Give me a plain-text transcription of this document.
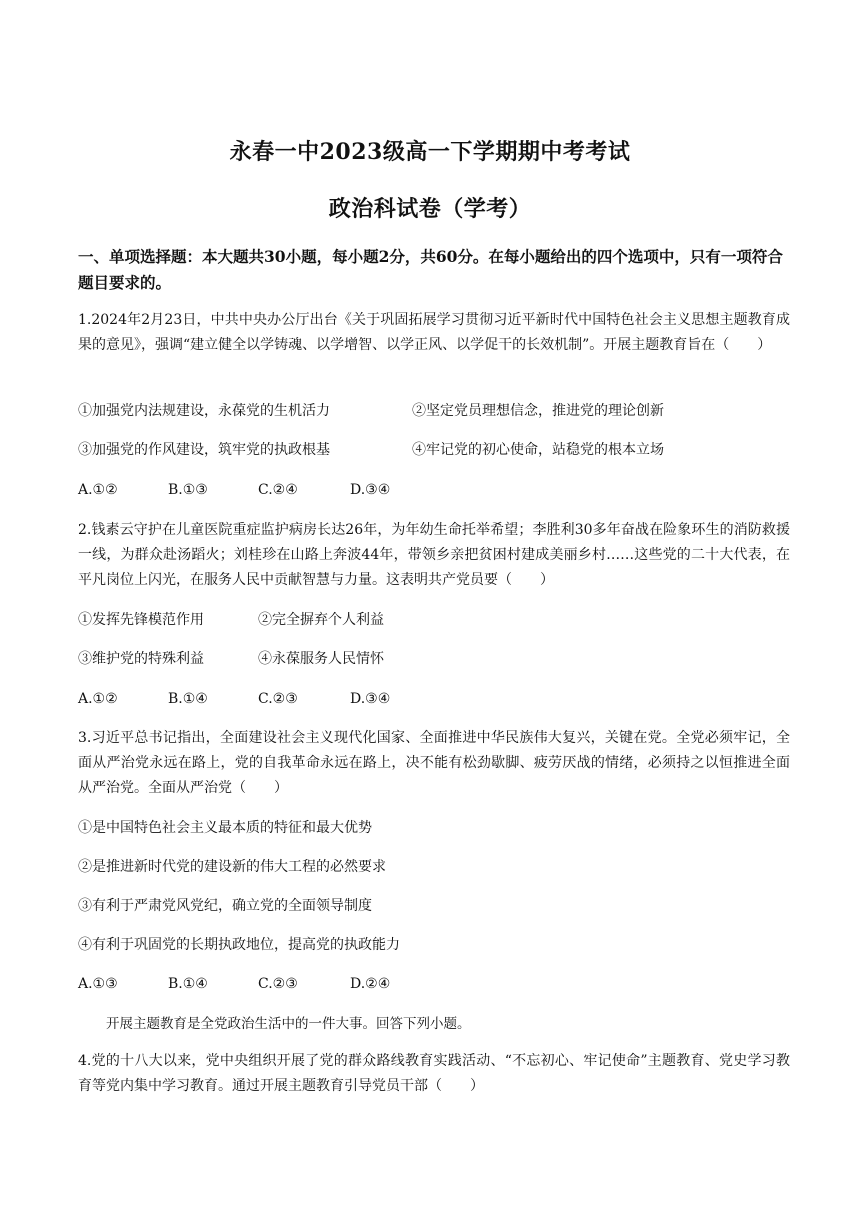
永春一中2023级高一下学期期中考考试
政治科试卷（学考）
一、单项选择题：本大题共30小题，每小题2分，共60分。在每小题给出的四个选项中，只有一项符合题目要求的。
1.2024年2月23日，中共中央办公厅出台《关于巩固拓展学习贯彻习近平新时代中国特色社会主义思想主题教育成果的意见》，强调“建立健全以学铸魂、以学增智、以学正风、以学促干的长效机制”。开展主题教育旨在（　　）
①加强党内法规建设，永葆党的生机活力	②坚定党员理想信念，推进党的理论创新
③加强党的作风建设，筑牢党的执政根基	④牢记党的初心使命，站稳党的根本立场
A.①②	B.①③	C.②④	D.③④
2.钱素云守护在儿童医院重症监护病房长达26年，为年幼生命托举希望；李胜利30多年奋战在险象环生的消防救援一线，为群众赴汤蹈火；刘桂珍在山路上奔波44年，带领乡亲把贫困村建成美丽乡村……这些党的二十大代表，在平凡岗位上闪光，在服务人民中贡献智慧与力量。这表明共产党员要（　　）
①发挥先锋模范作用	②完全摒弃个人利益
③维护党的特殊利益	④永葆服务人民情怀
A.①②	B.①④	C.②③	D.③④
3.习近平总书记指出，全面建设社会主义现代化国家、全面推进中华民族伟大复兴，关键在党。全党必须牢记，全面从严治党永远在路上，党的自我革命永远在路上，决不能有松劲歇脚、疲劳厌战的情绪，必须持之以恒推进全面从严治党。全面从严治党（　　）
①是中国特色社会主义最本质的特征和最大优势
②是推进新时代党的建设新的伟大工程的必然要求
③有利于严肃党风党纪，确立党的全面领导制度
④有利于巩固党的长期执政地位，提高党的执政能力
A.①③	B.①④	C.②③	D.②④
开展主题教育是全党政治生活中的一件大事。回答下列小题。
4.党的十八大以来，党中央组织开展了党的群众路线教育实践活动、“不忘初心、牢记使命”主题教育、党史学习教育等党内集中学习教育。通过开展主题教育引导党员干部（　　）
